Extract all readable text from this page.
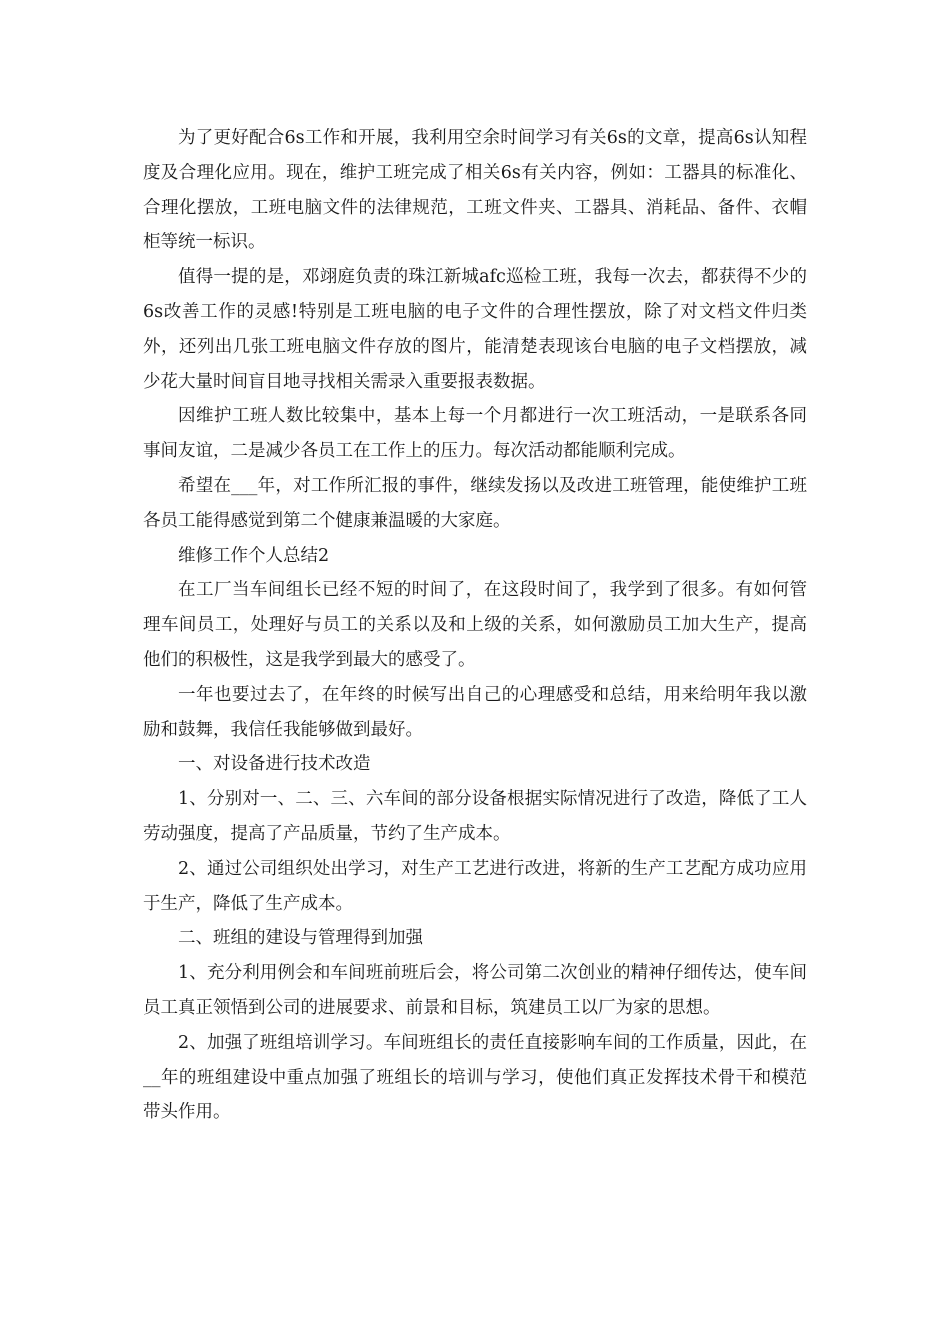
为了更好配合6s工作和开展，我利用空余时间学习有关6s的文章，提高6s认知程度及合理化应用。现在，维护工班完成了相关6s有关内容，例如：工器具的标准化、合理化摆放，工班电脑文件的法律规范，工班文件夹、工器具、消耗品、备件、衣帽柜等统一标识。

值得一提的是，邓翊庭负责的珠江新城afc巡检工班，我每一次去，都获得不少的6s改善工作的灵感!特别是工班电脑的电子文件的合理性摆放，除了对文档文件归类外，还列出几张工班电脑文件存放的图片，能清楚表现该台电脑的电子文档摆放，减少花大量时间盲目地寻找相关需录入重要报表数据。

因维护工班人数比较集中，基本上每一个月都进行一次工班活动，一是联系各同事间友谊，二是减少各员工在工作上的压力。每次活动都能顺利完成。

希望在___年，对工作所汇报的事件，继续发扬以及改进工班管理，能使维护工班各员工能得感觉到第二个健康兼温暖的大家庭。

维修工作个人总结2

在工厂当车间组长已经不短的时间了，在这段时间了，我学到了很多。有如何管理车间员工，处理好与员工的关系以及和上级的关系，如何激励员工加大生产，提高他们的积极性，这是我学到最大的感受了。

一年也要过去了，在年终的时候写出自己的心理感受和总结，用来给明年我以激励和鼓舞，我信任我能够做到最好。

一、对设备进行技术改造

1、分别对一、二、三、六车间的部分设备根据实际情况进行了改造，降低了工人劳动强度，提高了产品质量，节约了生产成本。

2、通过公司组织处出学习，对生产工艺进行改进，将新的生产工艺配方成功应用于生产，降低了生产成本。

二、班组的建设与管理得到加强

1、充分利用例会和车间班前班后会，将公司第二次创业的精神仔细传达，使车间员工真正领悟到公司的进展要求、前景和目标，筑建员工以厂为家的思想。

2、加强了班组培训学习。车间班组长的责任直接影响车间的工作质量，因此，在__年的班组建设中重点加强了班组长的培训与学习，使他们真正发挥技术骨干和模范带头作用。
